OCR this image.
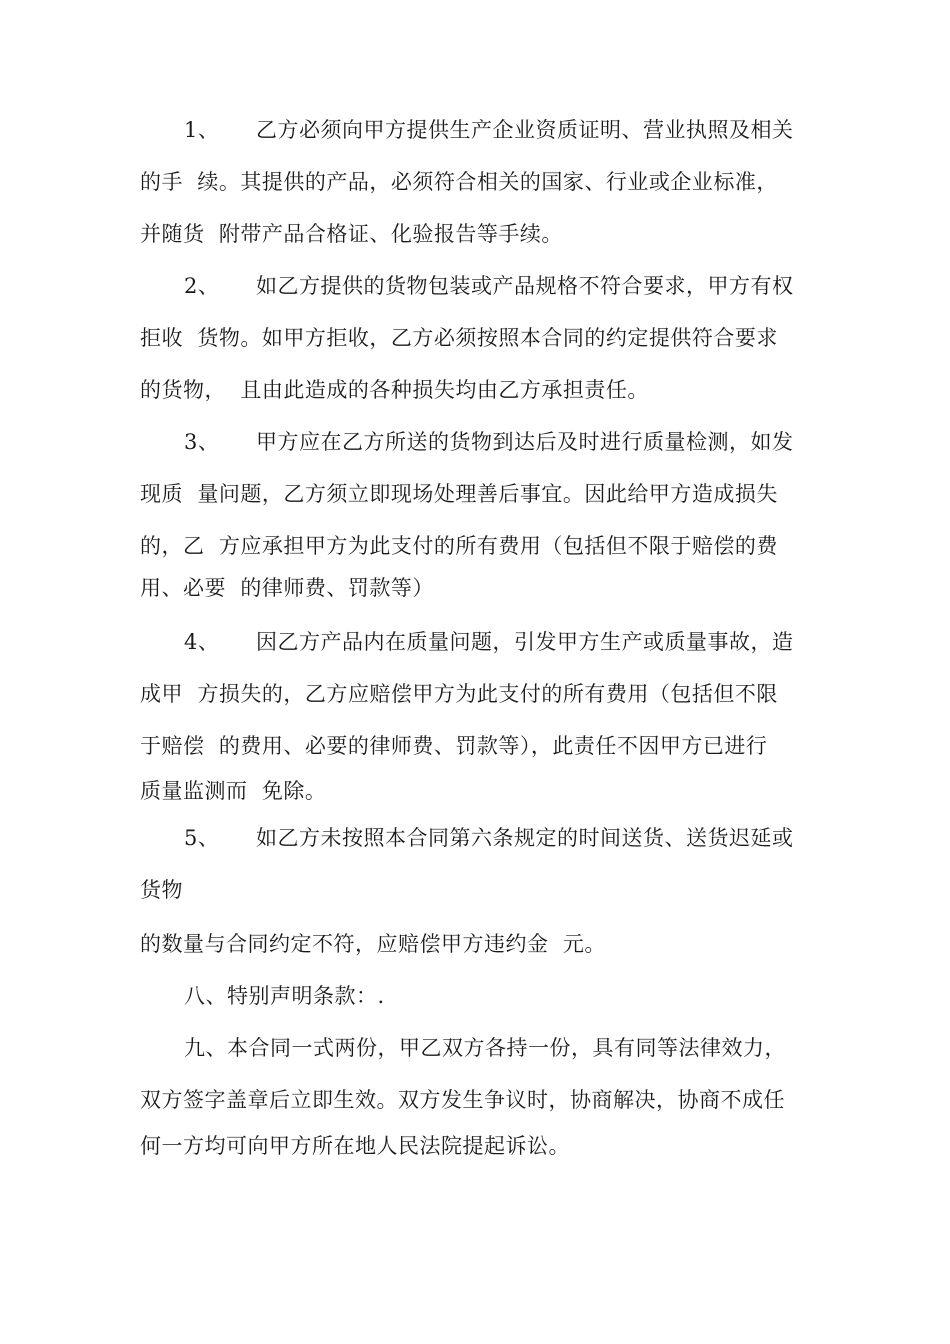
1、 乙方必须向甲方提供生产企业资质证明、营业执照及相关
的手  续。其提供的产品，必须符合相关的国家、行业或企业标准，
并随货  附带产品合格证、化验报告等手续。
2、 如乙方提供的货物包装或产品规格不符合要求，甲方有权
拒收  货物。如甲方拒收，乙方必须按照本合同的约定提供符合要求
的货物，  且由此造成的各种损失均由乙方承担责任。
3、 甲方应在乙方所送的货物到达后及时进行质量检测，如发
现质  量问题，乙方须立即现场处理善后事宜。因此给甲方造成损失
的，乙  方应承担甲方为此支付的所有费用（包括但不限于赔偿的费
用、必要  的律师费、罚款等）
4、 因乙方产品内在质量问题，引发甲方生产或质量事故，造
成甲  方损失的，乙方应赔偿甲方为此支付的所有费用（包括但不限
于赔偿  的费用、必要的律师费、罚款等），此责任不因甲方已进行
质量监测而  免除。
5、 如乙方未按照本合同第六条规定的时间送货、送货迟延或
货物
的数量与合同约定不符，应赔偿甲方违约金  元。
八、特别声明条款：.
九、本合同一式两份，甲乙双方各持一份，具有同等法律效力，
双方签字盖章后立即生效。双方发生争议时，协商解决，协商不成任
何一方均可向甲方所在地人民法院提起诉讼。
